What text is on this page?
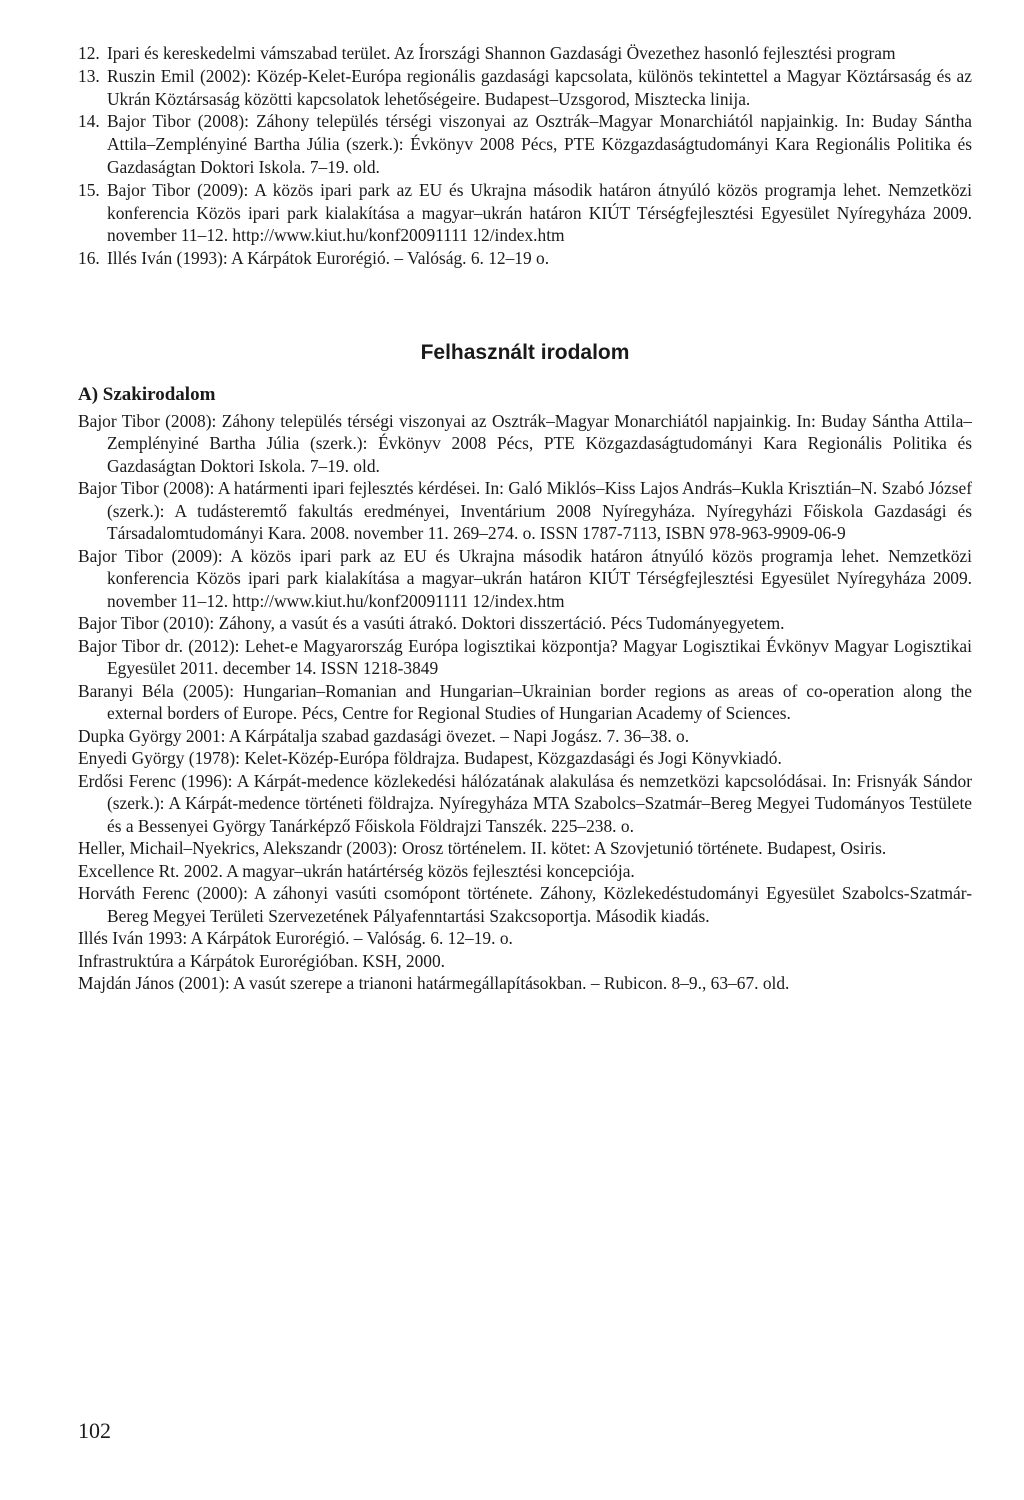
12. Ipari és kereskedelmi vámszabad terület. Az Írországi Shannon Gazdasági Övezethez hasonló fejlesztési program
13. Ruszin Emil (2002): Közép-Kelet-Európa regionális gazdasági kapcsolata, különös tekintettel a Magyar Köztársaság és az Ukrán Köztársaság közötti kapcsolatok lehetőségeire. Budapest–Uzsgorod, Misztecka linija.
14. Bajor Tibor (2008): Záhony település térségi viszonyai az Osztrák–Magyar Monarchiától napjainkig. In: Buday Sántha Attila–Zemplényiné Bartha Júlia (szerk.): Évkönyv 2008 Pécs, PTE Közgazdaságtudományi Kara Regionális Politika és Gazdaságtan Doktori Iskola. 7–19. old.
15. Bajor Tibor (2009): A közös ipari park az EU és Ukrajna második határon átnyúló közös programja lehet. Nemzetközi konferencia Közös ipari park kialakítása a magyar–ukrán határon KIÚT Térségfejlesztési Egyesület Nyíregyháza 2009. november 11–12. http://www.kiut.hu/konf20091111 12/index.htm
16. Illés Iván (1993): A Kárpátok Eurorégió. – Valóság. 6. 12–19 o.
Felhasznált irodalom
A) Szakirodalom
Bajor Tibor (2008): Záhony település térségi viszonyai az Osztrák–Magyar Monarchiától napjainkig. In: Buday Sántha Attila–Zemplényiné Bartha Júlia (szerk.): Évkönyv 2008 Pécs, PTE Közgazdaságtudományi Kara Regionális Politika és Gazdaságtan Doktori Iskola. 7–19. old.
Bajor Tibor (2008): A határmenti ipari fejlesztés kérdései. In: Galó Miklós–Kiss Lajos András–Kukla Krisztián–N. Szabó József (szerk.): A tudásteremtő fakultás eredményei, Inventárium 2008 Nyíregyháza. Nyíregyházi Főiskola Gazdasági és Társadalomtudományi Kara. 2008. november 11. 269–274. o. ISSN 1787-7113, ISBN 978-963-9909-06-9
Bajor Tibor (2009): A közös ipari park az EU és Ukrajna második határon átnyúló közös programja lehet. Nemzetközi konferencia Közös ipari park kialakítása a magyar–ukrán határon KIÚT Térségfejlesztési Egyesület Nyíregyháza 2009. november 11–12. http://www.kiut.hu/konf20091111 12/index.htm
Bajor Tibor (2010): Záhony, a vasút és a vasúti átrakó. Doktori disszertáció. Pécs Tudományegyetem.
Bajor Tibor dr. (2012): Lehet-e Magyarország Európa logisztikai központja? Magyar Logisztikai Évkönyv Magyar Logisztikai Egyesület 2011. december 14. ISSN 1218-3849
Baranyi Béla (2005): Hungarian–Romanian and Hungarian–Ukrainian border regions as areas of co-operation along the external borders of Europe. Pécs, Centre for Regional Studies of Hungarian Academy of Sciences.
Dupka György 2001: A Kárpátalja szabad gazdasági övezet. – Napi Jogász. 7. 36–38. o.
Enyedi György (1978): Kelet-Közép-Európa földrajza. Budapest, Közgazdasági és Jogi Könyvkiadó.
Erdősi Ferenc (1996): A Kárpát-medence közlekedési hálózatának alakulása és nemzetközi kapcsolódásai. In: Frisnyák Sándor (szerk.): A Kárpát-medence történeti földrajza. Nyíregyháza MTA Szabolcs–Szatmár–Bereg Megyei Tudományos Testülete és a Bessenyei György Tanárképző Főiskola Földrajzi Tanszék. 225–238. o.
Heller, Michail–Nyekrics, Alekszandr (2003): Orosz történelem. II. kötet: A Szovjetunió története. Budapest, Osiris.
Excellence Rt. 2002. A magyar–ukrán határtérség közös fejlesztési koncepciója.
Horváth Ferenc (2000): A záhonyi vasúti csomópont története. Záhony, Közlekedéstudományi Egyesület Szabolcs-Szatmár-Bereg Megyei Területi Szervezetének Pályafenntartási Szakcsoportja. Második kiadás.
Illés Iván 1993: A Kárpátok Eurorégió. – Valóság. 6. 12–19. o.
Infrastruktúra a Kárpátok Eurorégióban. KSH, 2000.
Majdán János (2001): A vasút szerepe a trianoni határmegállapításokban. – Rubicon. 8–9., 63–67. old.
102
